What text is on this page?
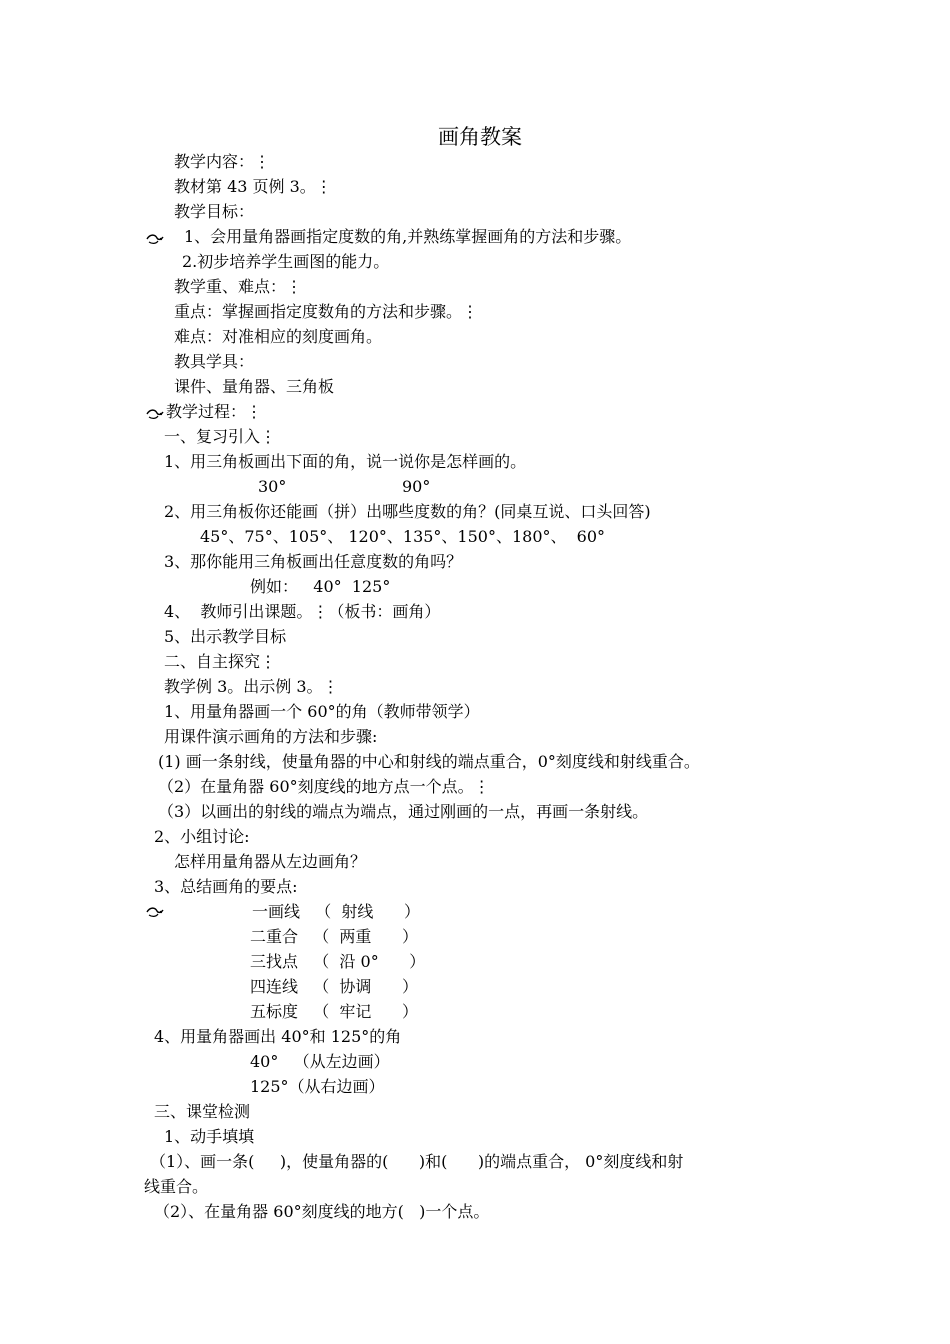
画角教案
教学内容：⋮
教材第 43 页例 3。⋮
教学目标：
1、会用量角器画指定度数的角,并熟练掌握画角的方法和步骤。
2.初步培养学生画图的能力。
教学重、难点：⋮
重点：掌握画指定度数角的方法和步骤。⋮
难点：对准相应的刻度画角。
教具学具：
课件、量角器、三角板
教学过程：⋮
一、复习引入⋮
1、用三角板画出下面的角，说一说你是怎样画的。
30°	90°
2、用三角板你还能画（拼）出哪些度数的角？(同桌互说、口头回答)
45°、75°、105°、 120°、135°、150°、180°、  60°
3、那你能用三角板画出任意度数的角吗？
例如：   40°  125°
4、  教师引出课题。⋮（板书：画角）
5、出示教学目标
二、自主探究⋮
教学例 3。出示例 3。⋮
1、用量角器画一个 60°的角（教师带领学）
用课件演示画角的方法和步骤:
(1) 画一条射线，使量角器的中心和射线的端点重合，0°刻度线和射线重合。
（2）在量角器 60°刻度线的地方点一个点。⋮
（3）以画出的射线的端点为端点，通过刚画的一点，再画一条射线。
2、小组讨论:
怎样用量角器从左边画角？
3、总结画角的要点:
一画线   （  射线      ）
二重合   （  两重      ）
三找点   （  沿 0°      ）
四连线   （  协调      ）
五标度   （  牢记      ）
4、用量角器画出 40°和 125°的角
40°   （从左边画）
125°（从右边画）
三、课堂检测
1、动手填填
（1）、画一条(     )，使量角器的(      )和(      )的端点重合， 0°刻度线和射
线重合。
（2）、在量角器 60°刻度线的地方(   )一个点。
